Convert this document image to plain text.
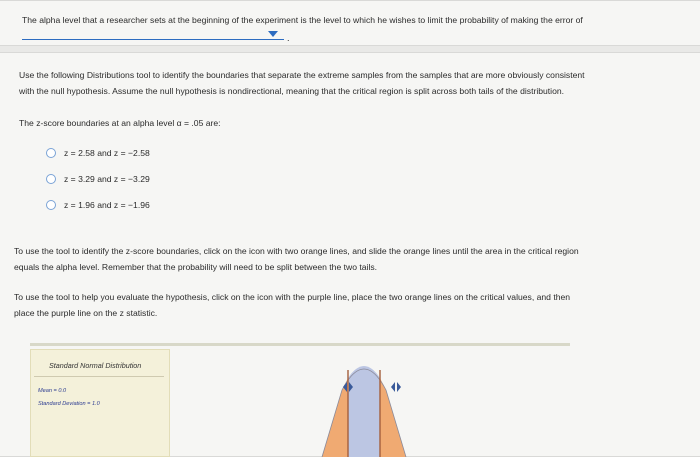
The alpha level that a researcher sets at the beginning of the experiment is the level to which he wishes to limit the probability of making the error of
.
Use the following Distributions tool to identify the boundaries that separate the extreme samples from the samples that are more obviously consistent
with the null hypothesis. Assume the null hypothesis is nondirectional, meaning that the critical region is split across both tails of the distribution.
The z-score boundaries at an alpha level α = .05 are:
z = 2.58 and z = −2.58
z = 3.29 and z = −3.29
z = 1.96 and z = −1.96
To use the tool to identify the z-score boundaries, click on the icon with two orange lines, and slide the orange lines until the area in the critical region
equals the alpha level. Remember that the probability will need to be split between the two tails.
To use the tool to help you evaluate the hypothesis, click on the icon with the purple line, place the two orange lines on the critical values, and then
place the purple line on the z statistic.
Standard Normal Distribution
Mean = 0.0
Standard Deviation = 1.0
